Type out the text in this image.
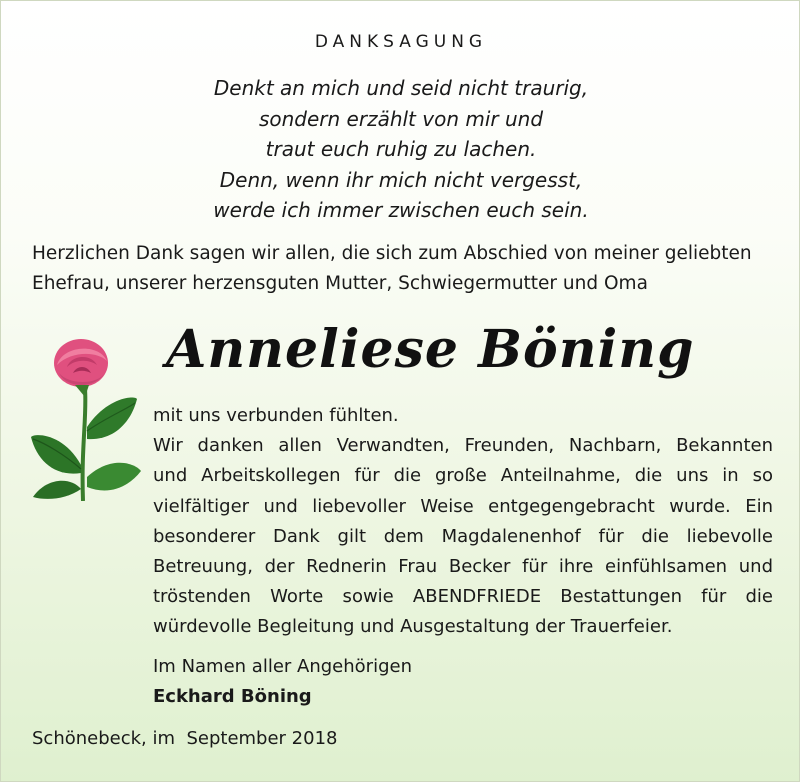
DANKSAGUNG
Denkt an mich und seid nicht traurig,
sondern erzählt von mir und
traut euch ruhig zu lachen.
Denn, wenn ihr mich nicht vergesst,
werde ich immer zwischen euch sein.
Herzlichen Dank sagen wir allen, die sich zum Abschied von meiner geliebten
Ehefrau, unserer herzensguten Mutter, Schwiegermutter und Oma
Anneliese Böning
mit uns verbunden fühlten.
Wir danken allen Verwandten, Freunden, Nachbarn, Bekannten
und Arbeitskollegen für die große Anteilnahme, die uns in so
vielfältiger und liebevoller Weise entgegengebracht wurde. Ein
besonderer Dank gilt dem Magdalenenhof für die liebevolle
Betreuung, der Rednerin Frau Becker für ihre einfühlsamen und
tröstenden Worte sowie ABENDFRIEDE Bestattungen für die
würdevolle Begleitung und Ausgestaltung der Trauerfeier.
Im Namen aller Angehörigen
Eckhard Böning
Schönebeck, im  September 2018
